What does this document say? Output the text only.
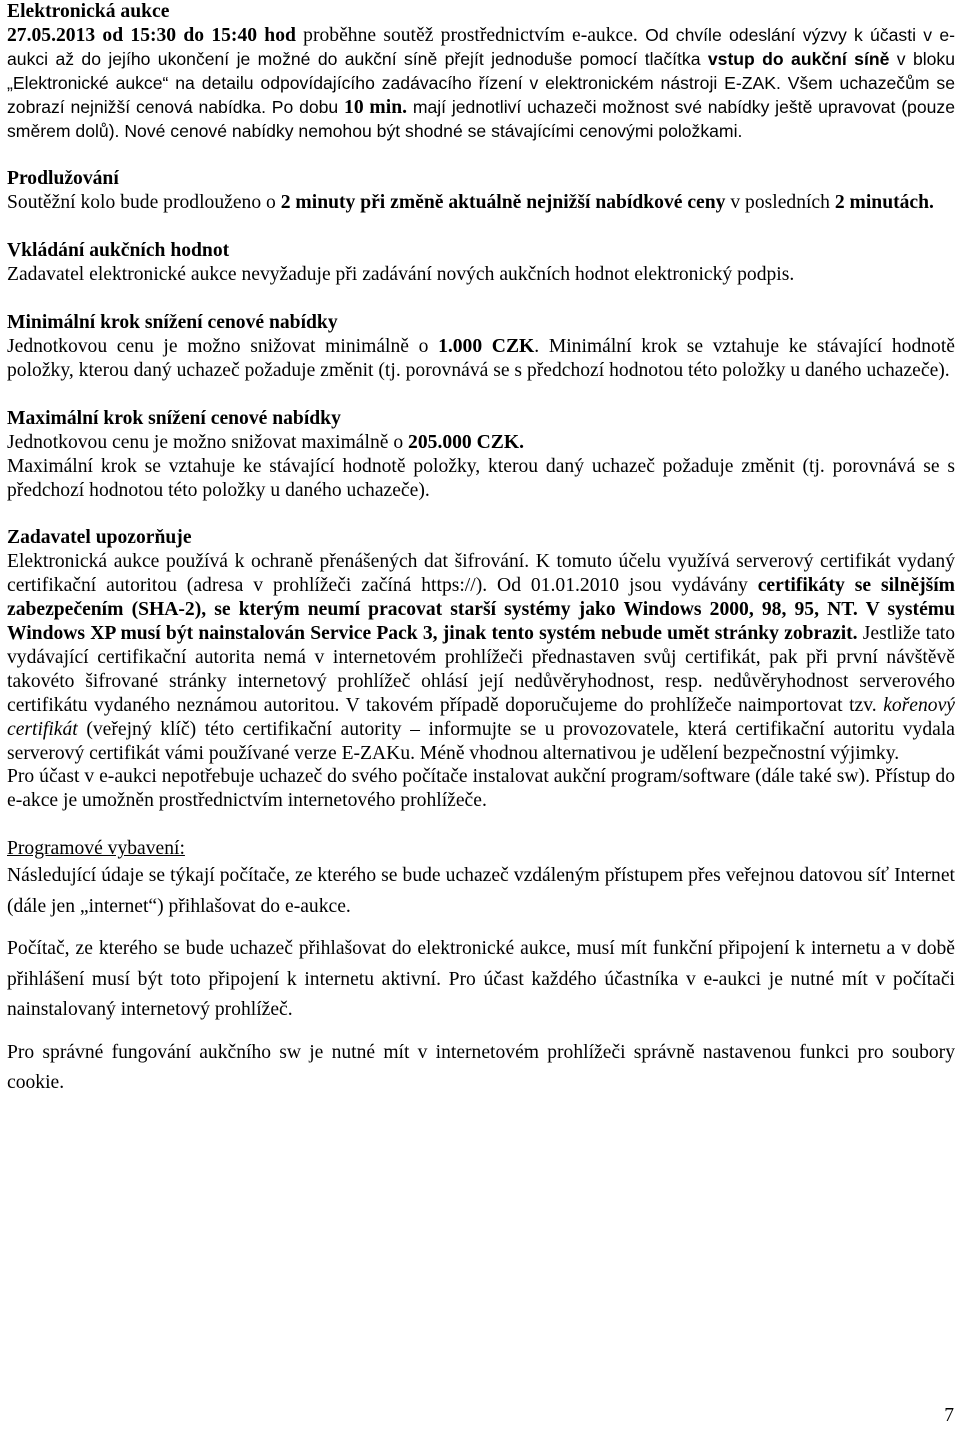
Elektronická aukce
27.05.2013 od 15:30 do 15:40 hod proběhne soutěž prostřednictvím e-aukce. Od chvíle odeslání výzvy k účasti v e-aukci až do jejího ukončení je možné do aukční síně přejít jednoduše pomocí tlačítka vstup do aukční síně v bloku „Elektronické aukce“ na detailu odpovídajícího zadávacího řízení v elektronickém nástroji E-ZAK. Všem uchazečům se zobrazí nejnižší cenová nabídka. Po dobu 10 min. mají jednotliví uchazeči možnost své nabídky ještě upravovat (pouze směrem dolů). Nové cenové nabídky nemohou být shodné se stávajícími cenovými položkami.

Prodlužování

Soutěžní kolo bude prodlouženo o 2 minuty při změně aktuálně nejnižší nabídkové ceny v posledních 2 minutách.

Vkládání aukčních hodnot

Zadavatel elektronické aukce nevyžaduje při zadávání nových aukčních hodnot elektronický podpis.

Minimální krok snížení cenové nabídky

Jednotkovou cenu je možno snižovat minimálně o 1.000 CZK. Minimální krok se vztahuje ke stávající hodnotě položky, kterou daný uchazeč požaduje změnit (tj. porovnává se s předchozí hodnotou této položky u daného uchazeče).

Maximální krok snížení cenové nabídky

Jednotkovou cenu je možno snižovat maximálně o 205.000 CZK.
Maximální krok se vztahuje ke stávající hodnotě položky, kterou daný uchazeč požaduje změnit (tj. porovnává se s předchozí hodnotou této položky u daného uchazeče).

Zadavatel upozorňuje

Elektronická aukce používá k ochraně přenášených dat šifrování. K tomuto účelu využívá serverový certifikát vydaný certifikační autoritou (adresa v prohlížeči začíná https://). Od 01.01.2010 jsou vydávány certifikáty se silnějším zabezpečením (SHA-2), se kterým neumí pracovat starší systémy jako Windows 2000, 98, 95, NT. V systému Windows XP musí být nainstalován Service Pack 3, jinak tento systém nebude umět stránky zobrazit. Jestliže tato vydávající certifikační autorita nemá v internetovém prohlížeči přednastaven svůj certifikát, pak při první návštěvě takovéto šifrované stránky internetový prohlížeč ohlásí její nedůvěryhodnost, resp. nedůvěryhodnost serverového certifikátu vydaného neznámou autoritou. V takovém případě doporučujeme do prohlížeče naimportovat tzv. kořenový certifikát (veřejný klíč) této certifikační autority – informujte se u provozovatele, která certifikační autoritu vydala serverový certifikát vámi používané verze E-ZAKu. Méně vhodnou alternativou je udělení bezpečnostní výjimky.

Pro účast v e-aukci nepotřebuje uchazeč do svého počítače instalovat aukční program/software (dále také sw). Přístup do e-akce je umožněn prostřednictvím internetového prohlížeče.

Programové vybavení:

Následující údaje se týkají počítače, ze kterého se bude uchazeč vzdáleným přístupem přes veřejnou datovou síť Internet (dále jen „internet“) přihlašovat do e-aukce.

Počítač, ze kterého se bude uchazeč přihlašovat do elektronické aukce, musí mít funkční připojení k internetu a v době přihlášení musí být toto připojení k internetu aktivní. Pro účast každého účastníka v e-aukci je nutné mít v počítači nainstalovaný internetový prohlížeč.

Pro správné fungování aukčního sw je nutné mít v internetovém prohlížeči správně nastavenou funkci pro soubory cookie.

7
